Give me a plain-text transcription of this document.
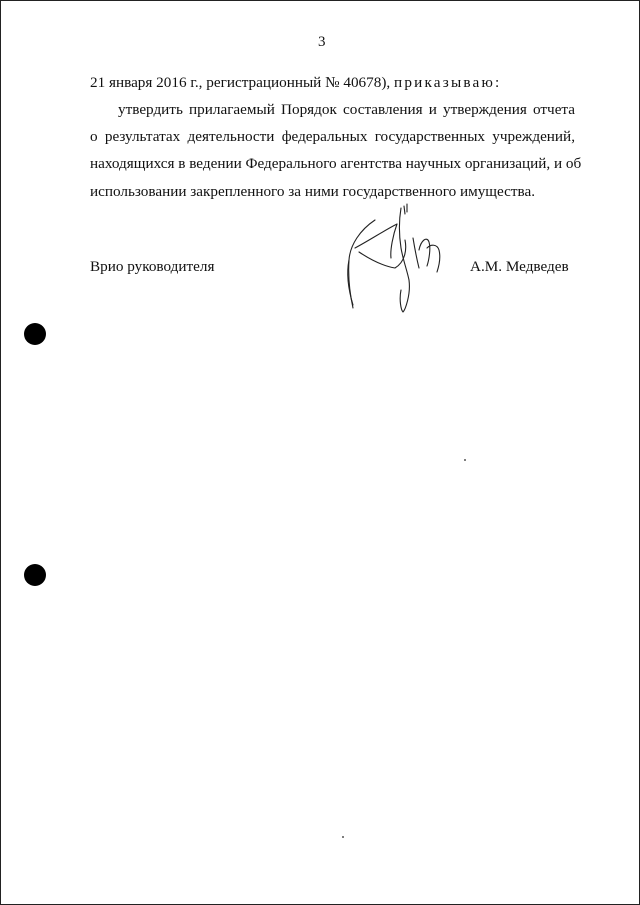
3
21 января 2016 г., регистрационный № 40678), приказываю:
утвердить прилагаемый Порядок составления и утверждения отчета
о результатах деятельности федеральных государственных учреждений,
находящихся в ведении Федерального агентства научных организаций, и об
использовании закрепленного за ними государственного имущества.
Врио руководителя	А.М. Медведев
